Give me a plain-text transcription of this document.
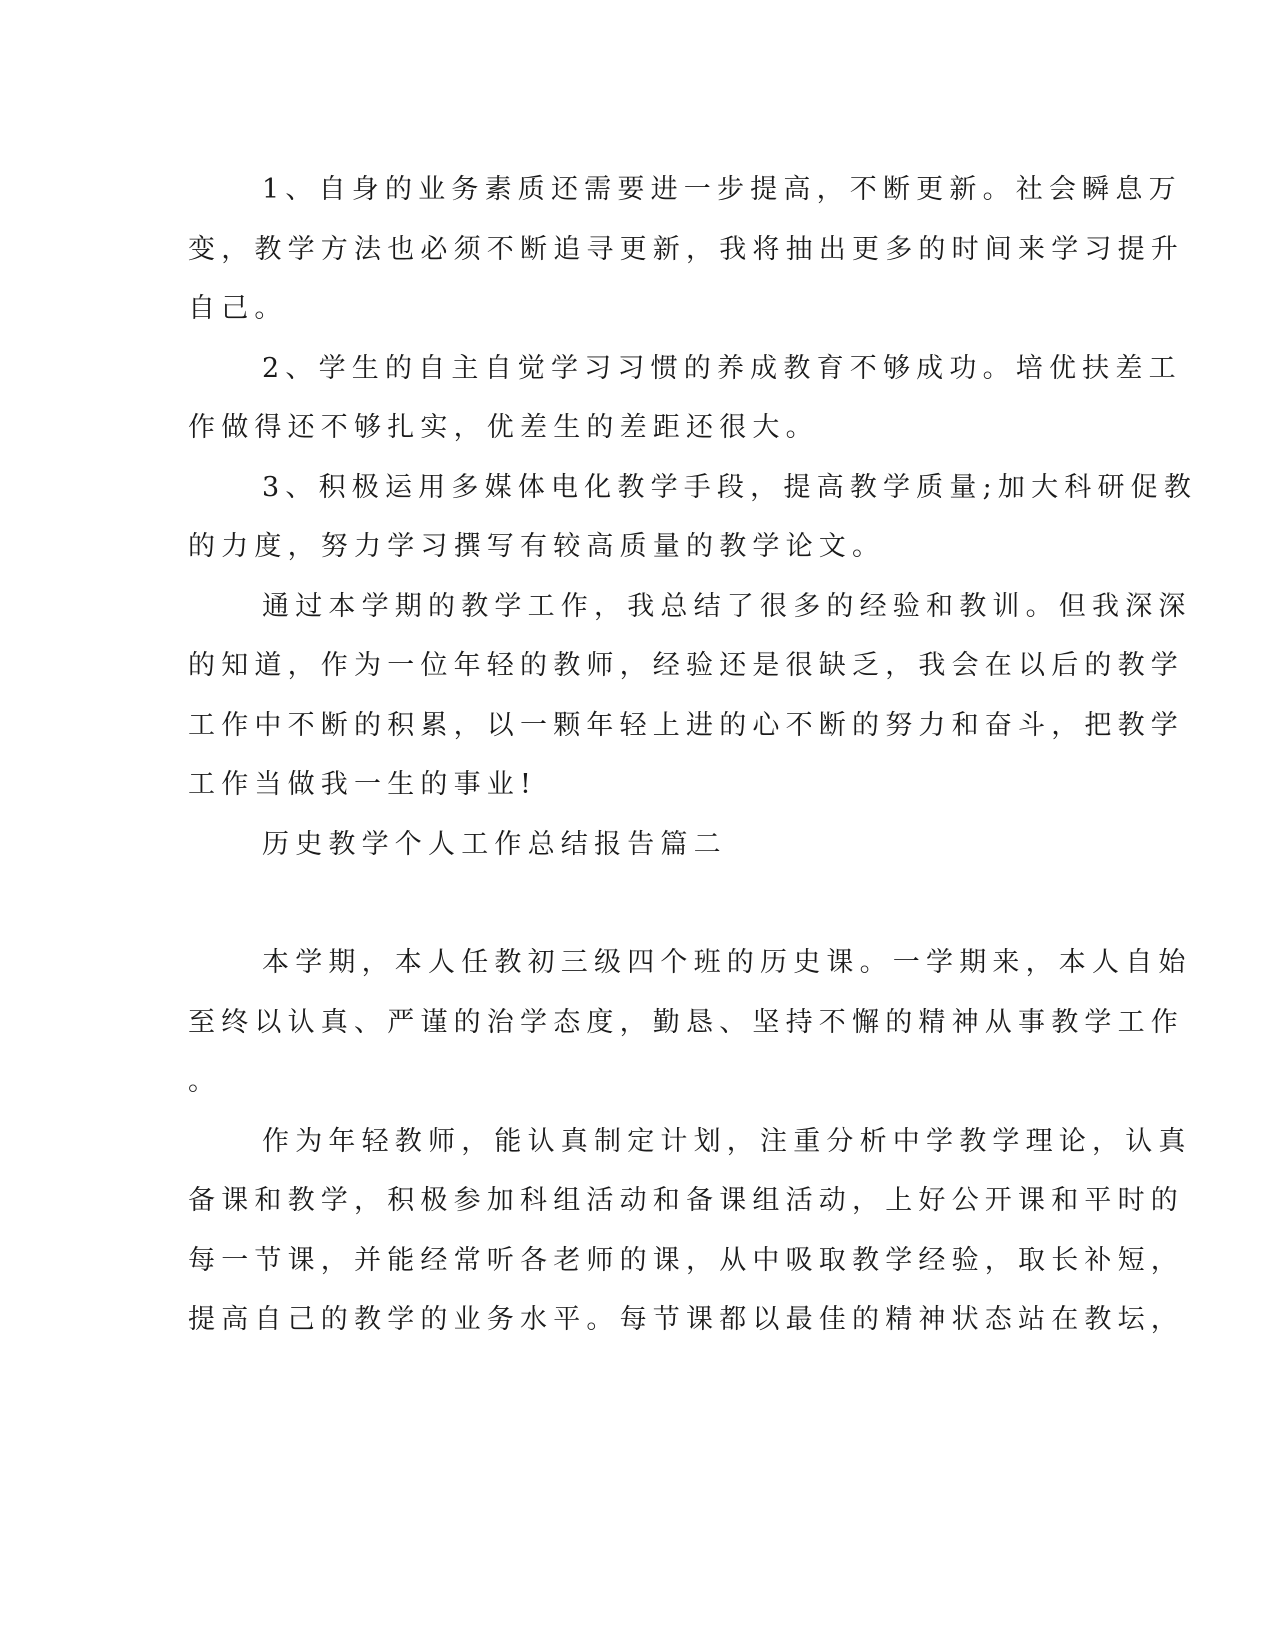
1、自身的业务素质还需要进一步提高，不断更新。社会瞬息万
变，教学方法也必须不断追寻更新，我将抽出更多的时间来学习提升
自己。
2、学生的自主自觉学习习惯的养成教育不够成功。培优扶差工
作做得还不够扎实，优差生的差距还很大。
3、积极运用多媒体电化教学手段，提高教学质量;加大科研促教
的力度，努力学习撰写有较高质量的教学论文。
通过本学期的教学工作，我总结了很多的经验和教训。但我深深
的知道，作为一位年轻的教师，经验还是很缺乏，我会在以后的教学
工作中不断的积累，以一颗年轻上进的心不断的努力和奋斗，把教学
工作当做我一生的事业!
历史教学个人工作总结报告篇二
本学期，本人任教初三级四个班的历史课。一学期来，本人自始
至终以认真、严谨的治学态度，勤恳、坚持不懈的精神从事教学工作
。
作为年轻教师，能认真制定计划，注重分析中学教学理论，认真
备课和教学，积极参加科组活动和备课组活动，上好公开课和平时的
每一节课，并能经常听各老师的课，从中吸取教学经验，取长补短，
提高自己的教学的业务水平。每节课都以最佳的精神状态站在教坛，
